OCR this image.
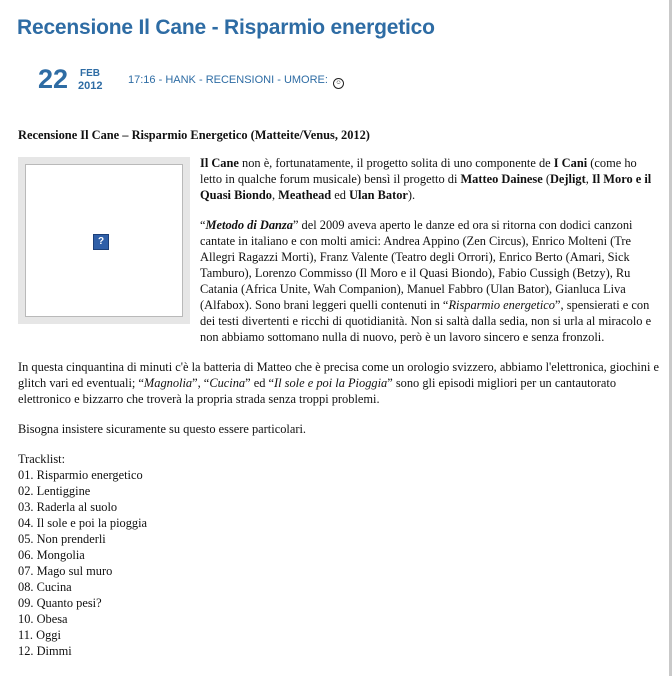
Recensione Il Cane - Risparmio energetico
22 FEB
2012 17:16 - HANK - RECENSIONI - UMORE: ☺

Recensione Il Cane – Risparmio Energetico (Matteite/Venus, 2012)

?

Il Cane non è, fortunatamente, il progetto solita di uno componente de I Cani (come ho letto in qualche forum musicale) bensì il progetto di Matteo Dainese (Dejligt, Il Moro e il Quasi Biondo, Meathead ed Ulan Bator).

“Metodo di Danza” del 2009 aveva aperto le danze ed ora si ritorna con dodici canzoni cantate in italiano e con molti amici: Andrea Appino (Zen Circus), Enrico Molteni (Tre Allegri Ragazzi Morti), Franz Valente (Teatro degli Orrori), Enrico Berto (Amari, Sick Tamburo), Lorenzo Commisso (Il Moro e il Quasi Biondo), Fabio Cussigh (Betzy), Ru Catania (Africa Unite, Wah Companion), Manuel Fabbro (Ulan Bator), Gianluca Liva (Alfabox). Sono brani leggeri quelli contenuti in “Risparmio energetico”, spensierati e con dei testi divertenti e ricchi di quotidianità. Non si saltà dalla sedia, non si urla al miracolo e non abbiamo sottomano nulla di nuovo, però è un lavoro sincero e senza fronzoli.

In questa cinquantina di minuti c'è la batteria di Matteo che è precisa come un orologio svizzero, abbiamo l'elettronica, giochini e glitch vari ed eventuali; “Magnolia”, “Cucina” ed “Il sole e poi la Pioggia” sono gli episodi migliori per un cantautorato elettronico e bizzarro che troverà la propria strada senza troppi problemi.

Bisogna insistere sicuramente su questo essere particolari.

Tracklist:
01. Risparmio energetico
02. Lentiggine
03. Raderla al suolo
04. Il sole e poi la pioggia
05. Non prenderli
06. Mongolia
07. Mago sul muro
08. Cucina
09. Quanto pesi?
10. Obesa
11. Oggi
12. Dimmi
